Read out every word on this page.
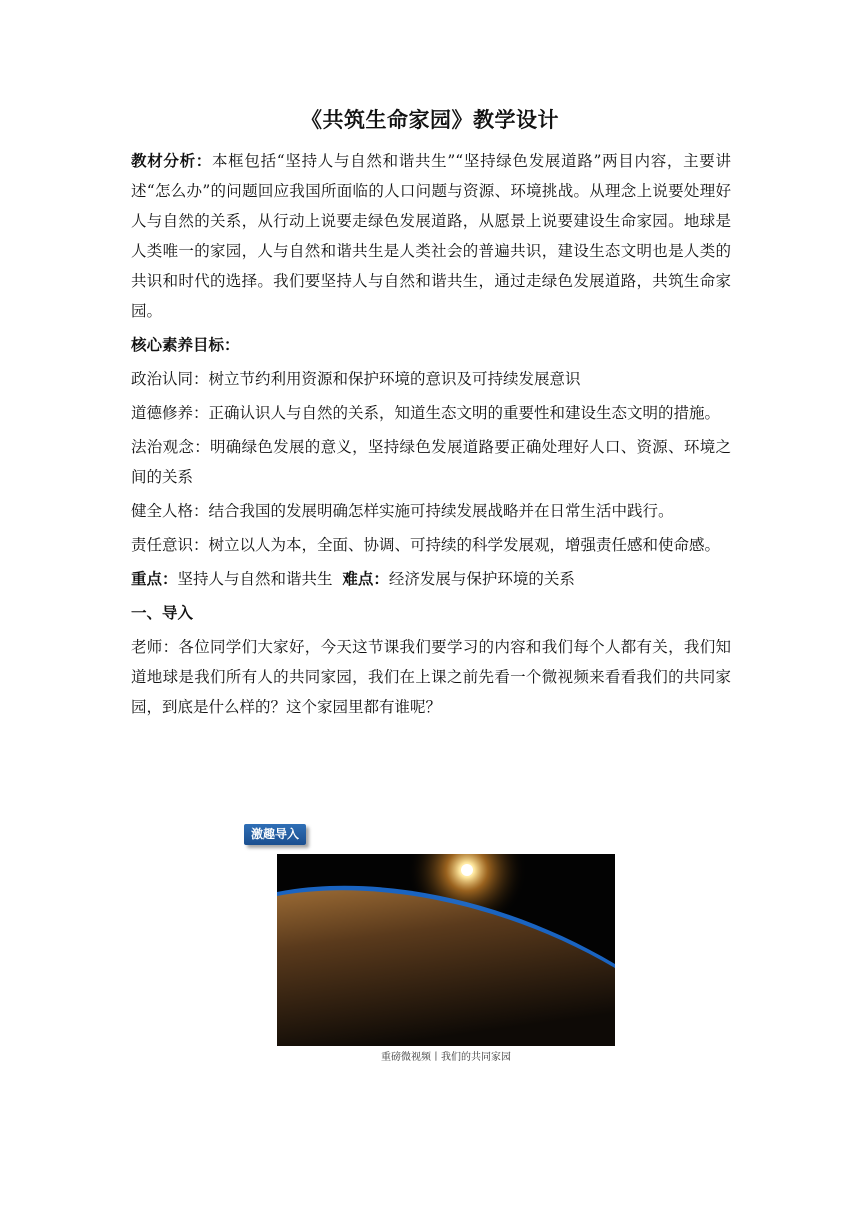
《共筑生命家园》教学设计

教材分析：本框包括“坚持人与自然和谐共生”“坚持绿色发展道路”两目内容，主要讲述“怎么办”的问题回应我国所面临的人口问题与资源、环境挑战。从理念上说要处理好人与自然的关系，从行动上说要走绿色发展道路，从愿景上说要建设生命家园。地球是人类唯一的家园，人与自然和谐共生是人类社会的普遍共识，建设生态文明也是人类的共识和时代的选择。我们要坚持人与自然和谐共生，通过走绿色发展道路，共筑生命家园。

核心素养目标：

政治认同：树立节约利用资源和保护环境的意识及可持续发展意识

道德修养：正确认识人与自然的关系，知道生态文明的重要性和建设生态文明的措施。

法治观念：明确绿色发展的意义，坚持绿色发展道路要正确处理好人口、资源、环境之间的关系

健全人格：结合我国的发展明确怎样实施可持续发展战略并在日常生活中践行。

责任意识：树立以人为本，全面、协调、可持续的科学发展观，增强责任感和使命感。

重点：坚持人与自然和谐共生 难点：经济发展与保护环境的关系

一、导入

老师：各位同学们大家好，今天这节课我们要学习的内容和我们每个人都有关，我们知道地球是我们所有人的共同家园，我们在上课之前先看一个微视频来看看我们的共同家园，到底是什么样的？这个家园里都有谁呢？

激趣导入
重磅微视频丨我们的共同家园
